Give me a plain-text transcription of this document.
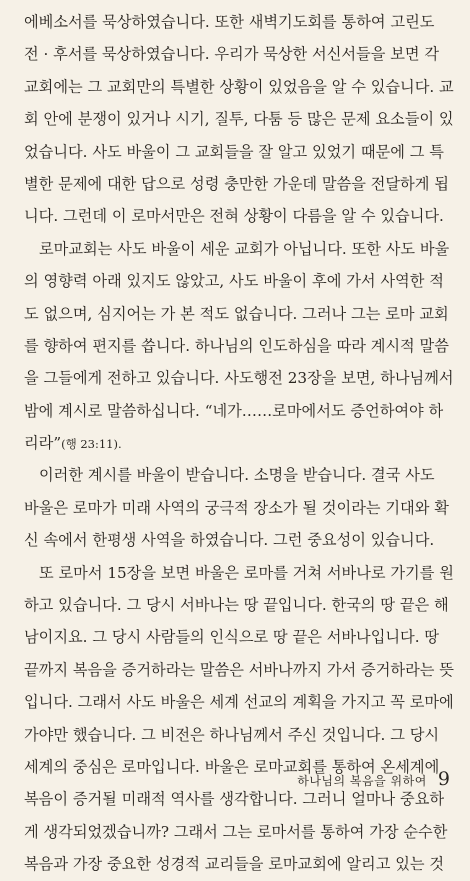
에베소서를 묵상하였습니다. 또한 새벽기도회를 통하여 고린도
전 · 후서를 묵상하였습니다. 우리가 묵상한 서신서들을 보면 각
교회에는 그 교회만의 특별한 상황이 있었음을 알 수 있습니다. 교
회 안에 분쟁이 있거나 시기, 질투, 다툼 등 많은 문제 요소들이 있
었습니다. 사도 바울이 그 교회들을 잘 알고 있었기 때문에 그 특
별한 문제에 대한 답으로 성령 충만한 가운데 말씀을 전달하게 됩
니다. 그런데 이 로마서만은 전혀 상황이 다름을 알 수 있습니다.
로마교회는 사도 바울이 세운 교회가 아닙니다. 또한 사도 바울
의 영향력 아래 있지도 않았고, 사도 바울이 후에 가서 사역한 적
도 없으며, 심지어는 가 본 적도 없습니다. 그러나 그는 로마 교회
를 향하여 편지를 씁니다. 하나님의 인도하심을 따라 계시적 말씀
을 그들에게 전하고 있습니다. 사도행전 23장을 보면, 하나님께서
밤에 계시로 말씀하십니다. “네가……로마에서도 증언하여야 하
리라”(행 23:11).
이러한 계시를 바울이 받습니다. 소명을 받습니다. 결국 사도
바울은 로마가 미래 사역의 궁극적 장소가 될 것이라는 기대와 확
신 속에서 한평생 사역을 하였습니다. 그런 중요성이 있습니다.
또 로마서 15장을 보면 바울은 로마를 거쳐 서바나로 가기를 원
하고 있습니다. 그 당시 서바나는 땅 끝입니다. 한국의 땅 끝은 해
남이지요. 그 당시 사람들의 인식으로 땅 끝은 서바나입니다. 땅
끝까지 복음을 증거하라는 말씀은 서바나까지 가서 증거하라는 뜻
입니다. 그래서 사도 바울은 세계 선교의 계획을 가지고 꼭 로마에
가야만 했습니다. 그 비전은 하나님께서 주신 것입니다. 그 당시
세계의 중심은 로마입니다. 바울은 로마교회를 통하여 온세계에
복음이 증거될 미래적 역사를 생각합니다. 그러니 얼마나 중요하
게 생각되었겠습니까? 그래서 그는 로마서를 통하여 가장 순수한
복음과 가장 중요한 성경적 교리들을 로마교회에 알리고 있는 것
하나님의 복음을 위하여 9
